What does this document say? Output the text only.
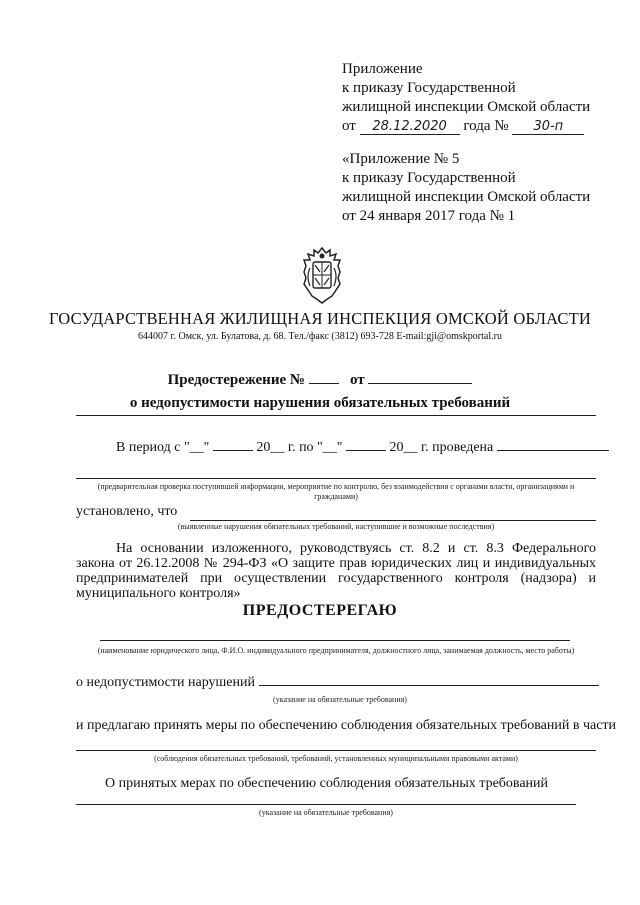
Приложение
к приказу Государственной
жилищной инспекции Омской области
от 28.12.2020 года № 30-п
«Приложение № 5
к приказу Государственной
жилищной инспекции Омской области
от 24 января 2017 года № 1
ГОСУДАРСТВЕННАЯ ЖИЛИЩНАЯ ИНСПЕКЦИЯ ОМСКОЙ ОБЛАСТИ
644007 г. Омск, ул. Булатова, д. 68. Тел./факс (3812) 693-728 E-mail:gji@omskportal.ru
Предостережение №	от
о недопустимости нарушения обязательных требований
В период с "__"	20__ г. по "__"	20__ г. проведена
(предварительная проверка поступившей информации, мероприятие по контролю, без взаимодействия с органами власти, организациями и
гражданами)
установлено, что
(выявленные нарушения обязательных требований, наступившие и возможные последствия)
На основании изложенного, руководствуясь ст. 8.2 и ст. 8.3 Федерального закона от 26.12.2008 № 294-ФЗ «О защите прав юридических лиц и индивидуальных предпринимателей при осуществлении государственного контроля (надзора) и муниципального контроля»
ПРЕДОСТЕРЕГАЮ
(наименование юридического лица, Ф.И.О. индивидуального предпринимателя, должностного лица, занимаемая должность, место работы)
о недопустимости нарушений
(указание на обязательные требования)
и предлагаю принять меры по обеспечению соблюдения обязательных требований в части
(соблюдения обязательных требований, требований, установленных муниципальными правовыми актами)
О принятых мерах по обеспечению соблюдения обязательных требований
(указание на обязательные требования)
